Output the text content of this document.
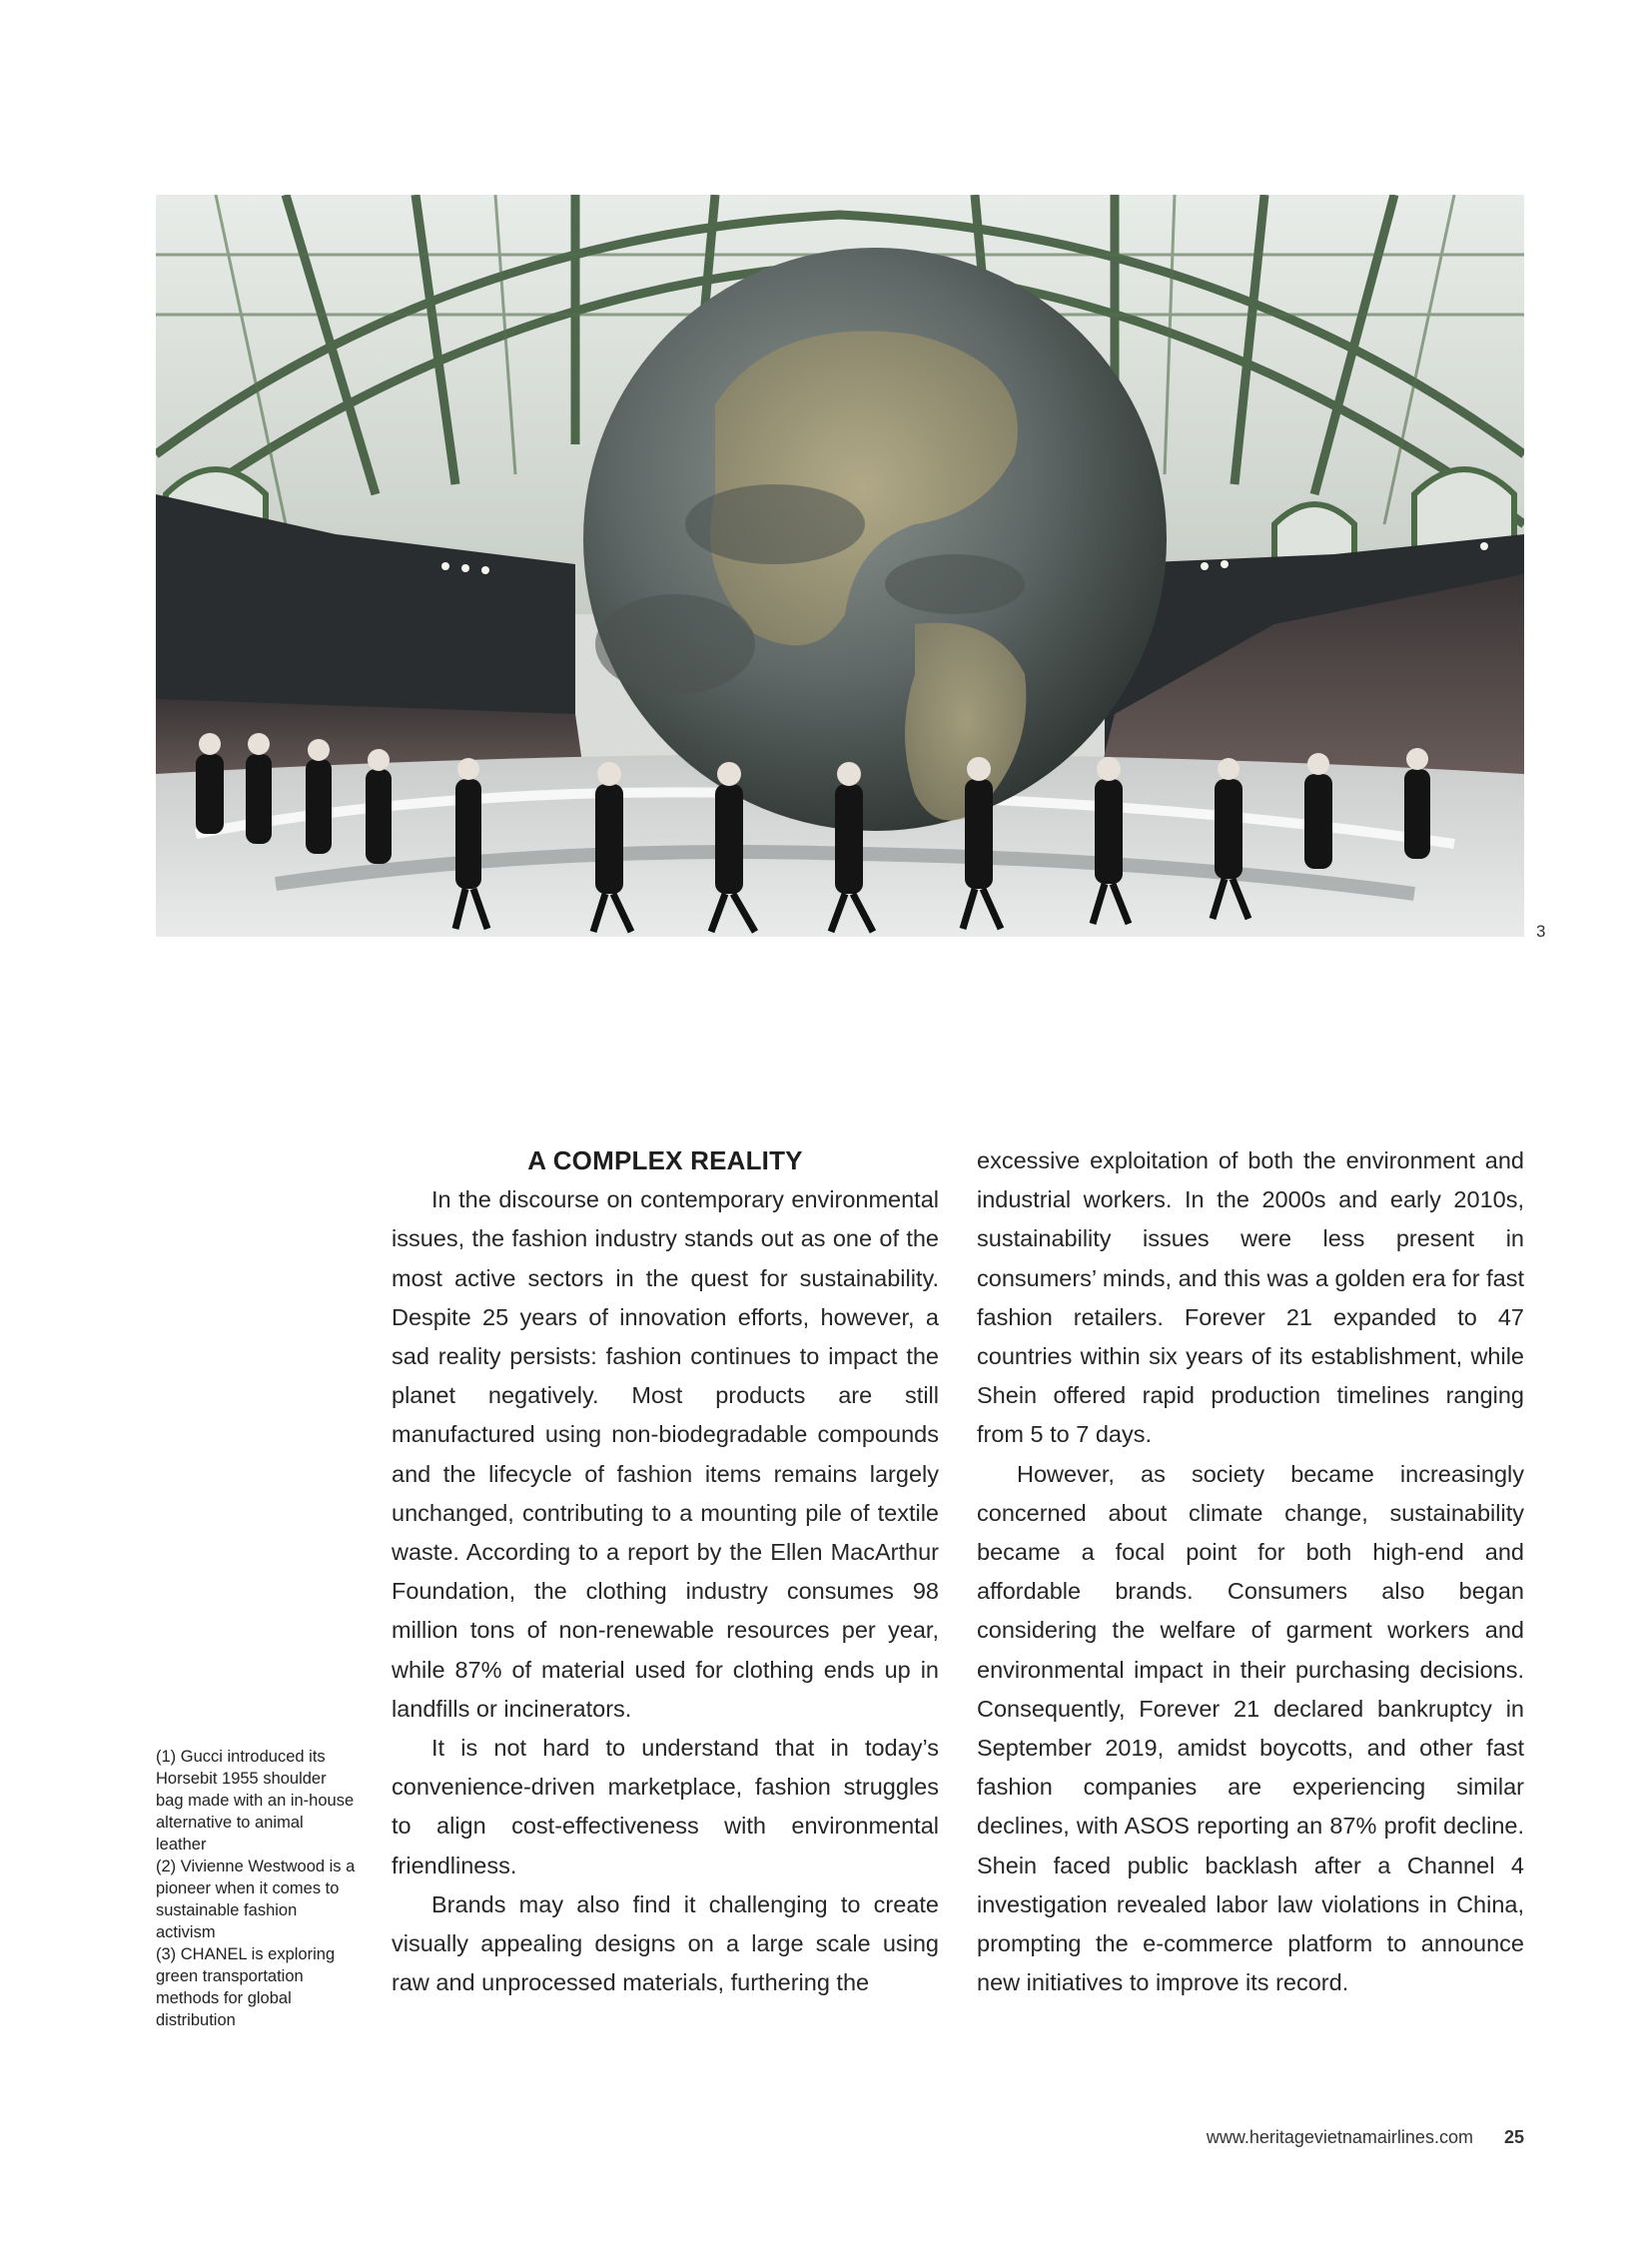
3

(1) Gucci introduced its Horsebit 1955 shoulder bag made with an in-house alternative to animal leather

(2) Vivienne Westwood is a pioneer when it comes to sustainable fashion activism

(3) CHANEL is exploring green transportation methods for global distribution

A COMPLEX REALITY

In the discourse on contemporary environmental issues, the fashion industry stands out as one of the most active sectors in the quest for sustainability. Despite 25 years of innovation efforts, however, a sad reality persists: fashion continues to impact the planet negatively. Most products are still manufactured using non-biodegradable compounds and the lifecycle of fashion items remains largely unchanged, contributing to a mounting pile of textile waste. According to a report by the Ellen MacArthur Foundation, the clothing industry consumes 98 million tons of non-renewable resources per year, while 87% of material used for clothing ends up in landfills or incinerators.

It is not hard to understand that in today’s convenience-driven marketplace, fashion struggles to align cost-effectiveness with environmental friendliness.

Brands may also find it challenging to create visually appealing designs on a large scale using raw and unprocessed materials, furthering the

excessive exploitation of both the environment and industrial workers. In the 2000s and early 2010s, sustainability issues were less present in consumers’ minds, and this was a golden era for fast fashion retailers. Forever 21 expanded to 47 countries within six years of its establishment, while Shein offered rapid production timelines ranging from 5 to 7 days.

However, as society became increasingly concerned about climate change, sustainability became a focal point for both high-end and affordable brands. Consumers also began considering the welfare of garment workers and environmental impact in their purchasing decisions. Consequently, Forever 21 declared bankruptcy in September 2019, amidst boycotts, and other fast fashion companies are experiencing similar declines, with ASOS reporting an 87% profit decline. Shein faced public backlash after a Channel 4 investigation revealed labor law violations in China, prompting the e-commerce platform to announce new initiatives to improve its record.

www.heritagevietnamairlines.com 25
